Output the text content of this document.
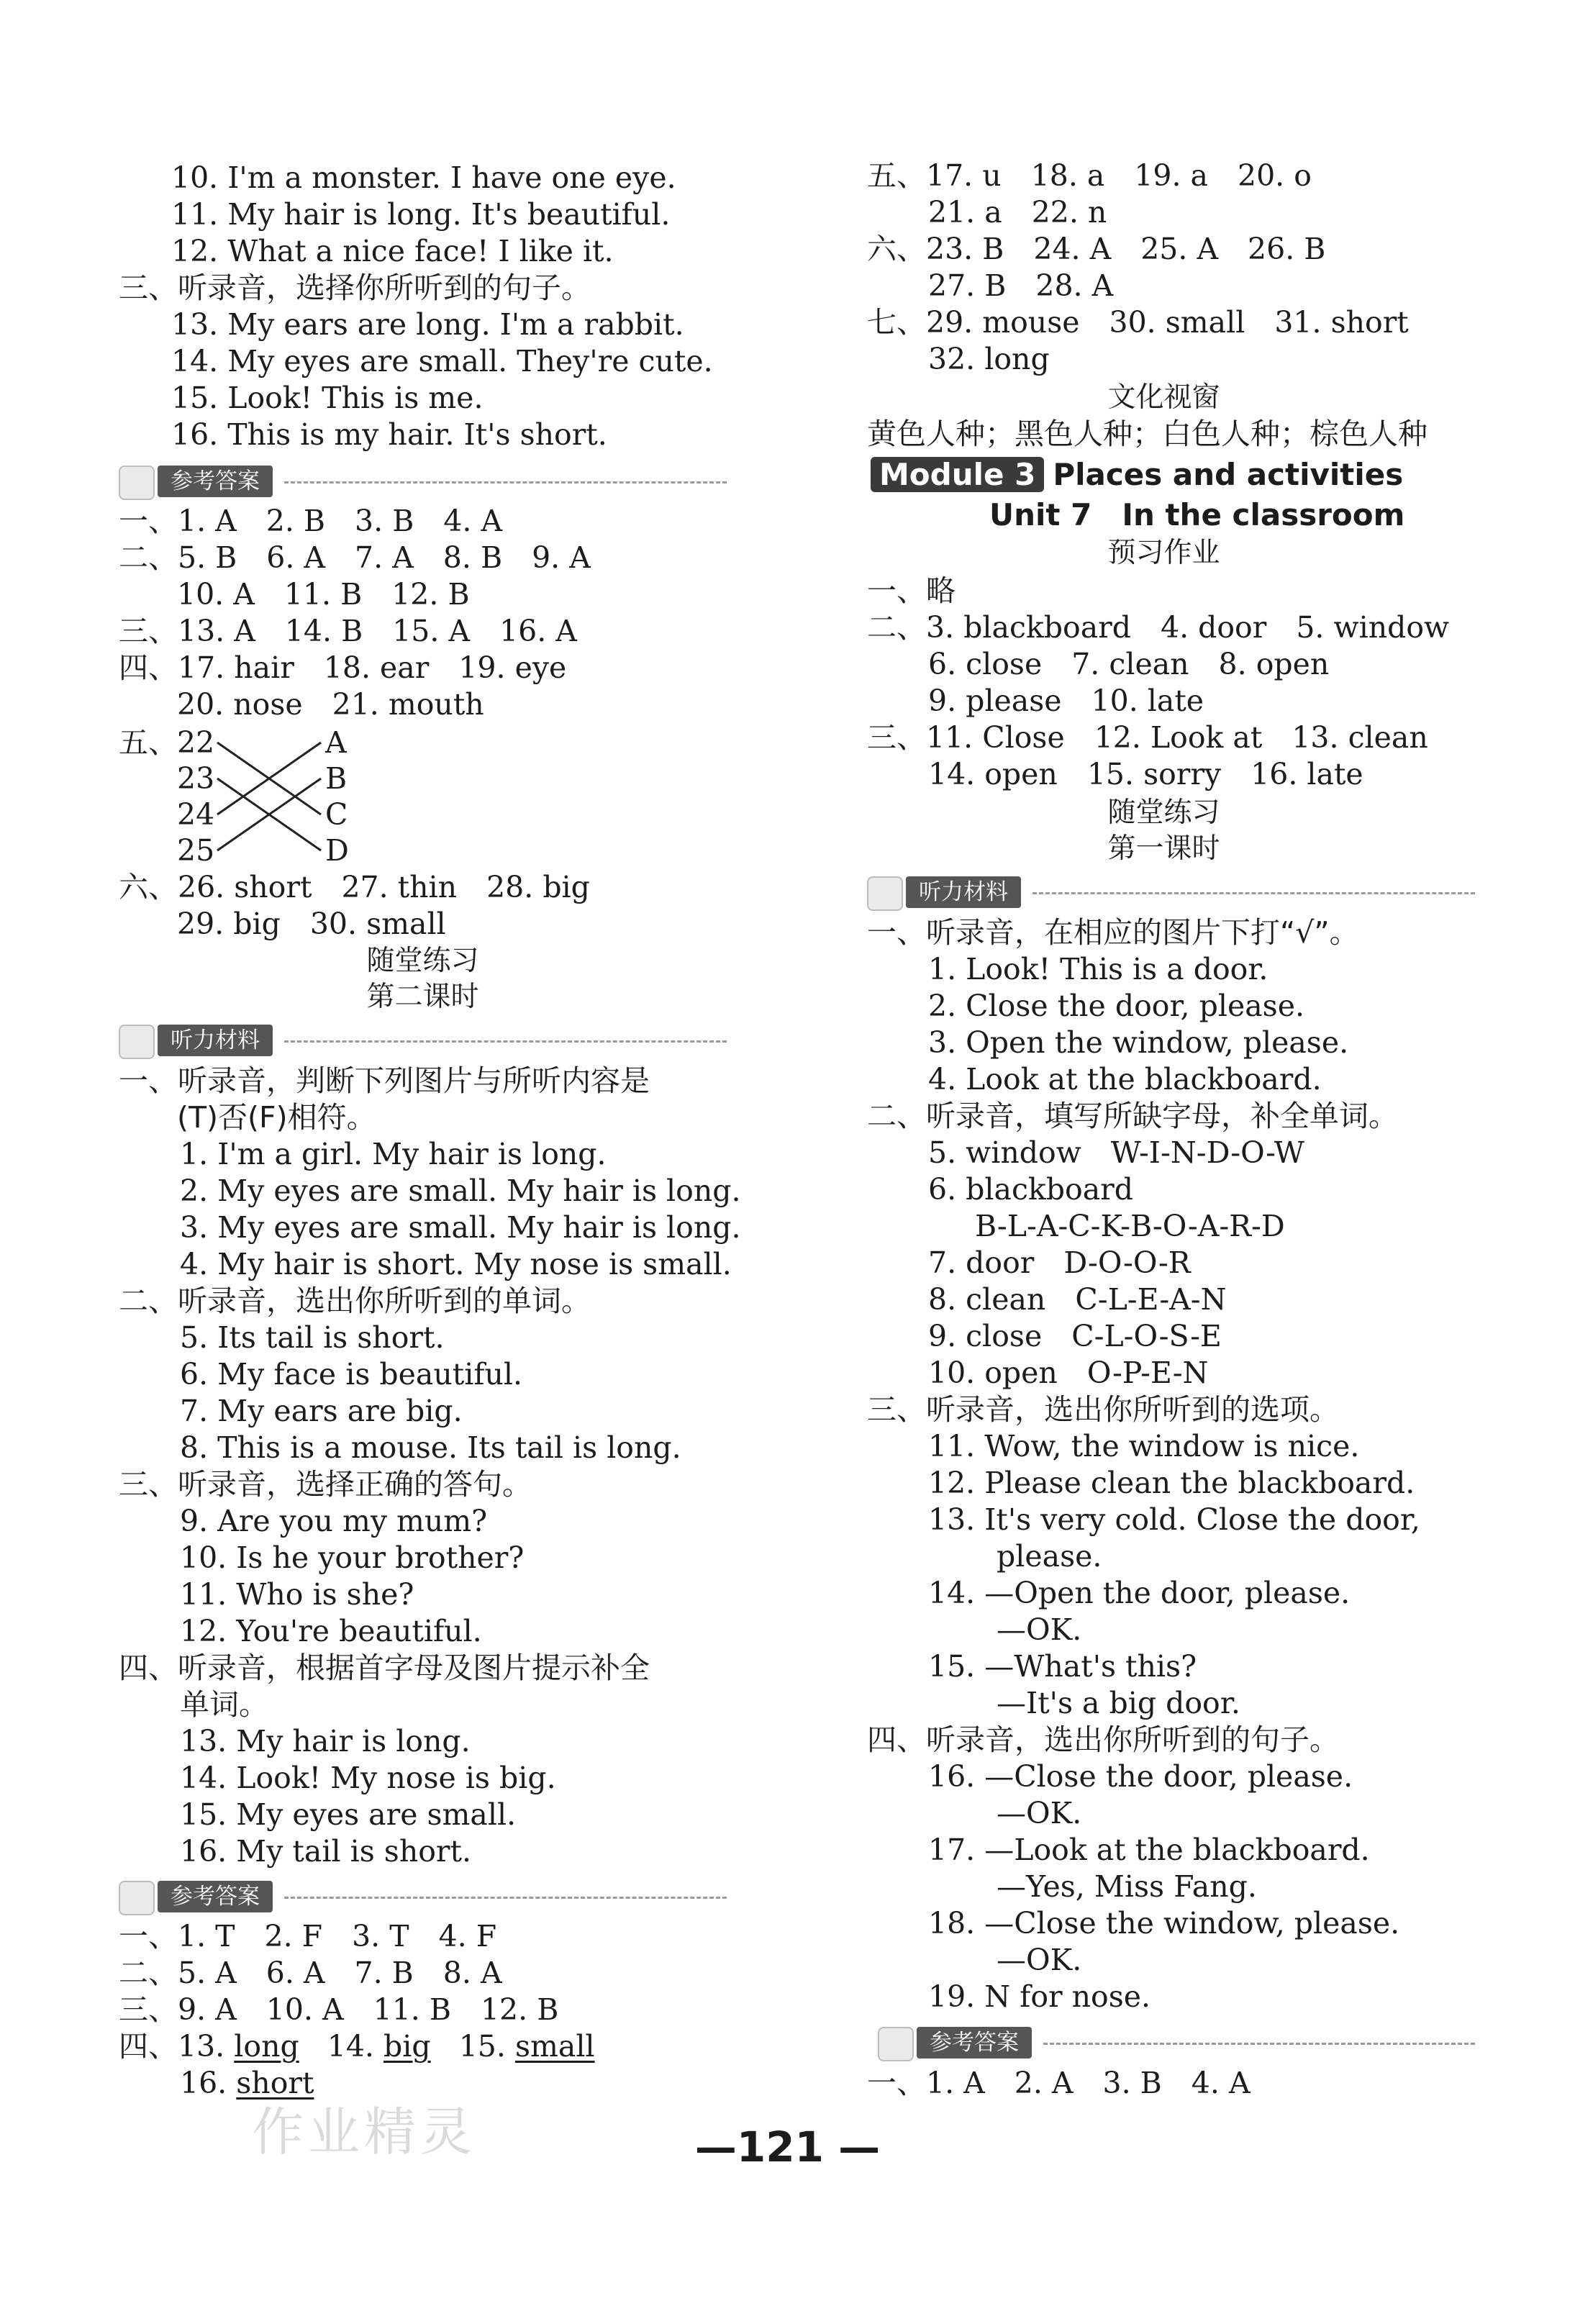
10. I'm a monster. I have one eye.
11. My hair is long. It's beautiful.
12. What a nice face! I like it.
三、听录音，选择你所听到的句子。
13. My ears are long. I'm a rabbit.
14. My eyes are small. They're cute.
15. Look! This is me.
16. This is my hair. It's short.
参考答案
一、1. A　2. B　3. B　4. A
二、5. B　6. A　7. A　8. B　9. A
10. A　11. B　12. B
三、13. A　14. B　15. A　16. A
四、17. hair　18. ear　19. eye
20. nose　21. mouth
五、 22
23
24
25
A
B
C
D
六、26. short　27. thin　28. big
29. big　30. small
随堂练习
第二课时
听力材料
一、听录音，判断下列图片与所听内容是
(T)否(F)相符。
1. I'm a girl. My hair is long.
2. My eyes are small. My hair is long.
3. My eyes are small. My hair is long.
4. My hair is short. My nose is small.
二、听录音，选出你所听到的单词。
5. Its tail is short.
6. My face is beautiful.
7. My ears are big.
8. This is a mouse. Its tail is long.
三、听录音，选择正确的答句。
9. Are you my mum?
10. Is he your brother?
11. Who is she?
12. You're beautiful.
四、听录音，根据首字母及图片提示补全
单词。
13. My hair is long.
14. Look! My nose is big.
15. My eyes are small.
16. My tail is short.
参考答案
一、1. T　2. F　3. T　4. F
二、5. A　6. A　7. B　8. A
三、9. A　10. A　11. B　12. B
四、13. long 14. big 15. small
16. short
五、17. u　18. a　19. a　20. o
21. a　22. n
六、23. B　24. A　25. A　26. B
27. B　28. A
七、29. mouse　30. small　31. short
32. long
文化视窗
黄色人种；黑色人种；白色人种；棕色人种
Module 3 Places and activities
Unit 7　In the classroom
预习作业
一、略
二、3. blackboard　4. door　5. window
6. close　7. clean　8. open
9. please　10. late
三、11. Close　12. Look at　13. clean
14. open　15. sorry　16. late
随堂练习
第一课时
听力材料
一、听录音，在相应的图片下打“√”。
1. Look! This is a door.
2. Close the door, please.
3. Open the window, please.
4. Look at the blackboard.
二、听录音，填写所缺字母，补全单词。
5. window　W-I-N-D-O-W
6. blackboard
B-L-A-C-K-B-O-A-R-D
7. door　D-O-O-R
8. clean　C-L-E-A-N
9. close　C-L-O-S-E
10. open　O-P-E-N
三、听录音，选出你所听到的选项。
11. Wow, the window is nice.
12. Please clean the blackboard.
13. It's very cold. Close the door,
please.
14. —Open the door, please.
—OK.
15. —What's this?
—It's a big door.
四、听录音，选出你所听到的句子。
16. —Close the door, please.
—OK.
17. —Look at the blackboard.
—Yes, Miss Fang.
18. —Close the window, please.
—OK.
19. N for nose.
参考答案
一、1. A　2. A　3. B　4. A
作业精灵	—121 —
